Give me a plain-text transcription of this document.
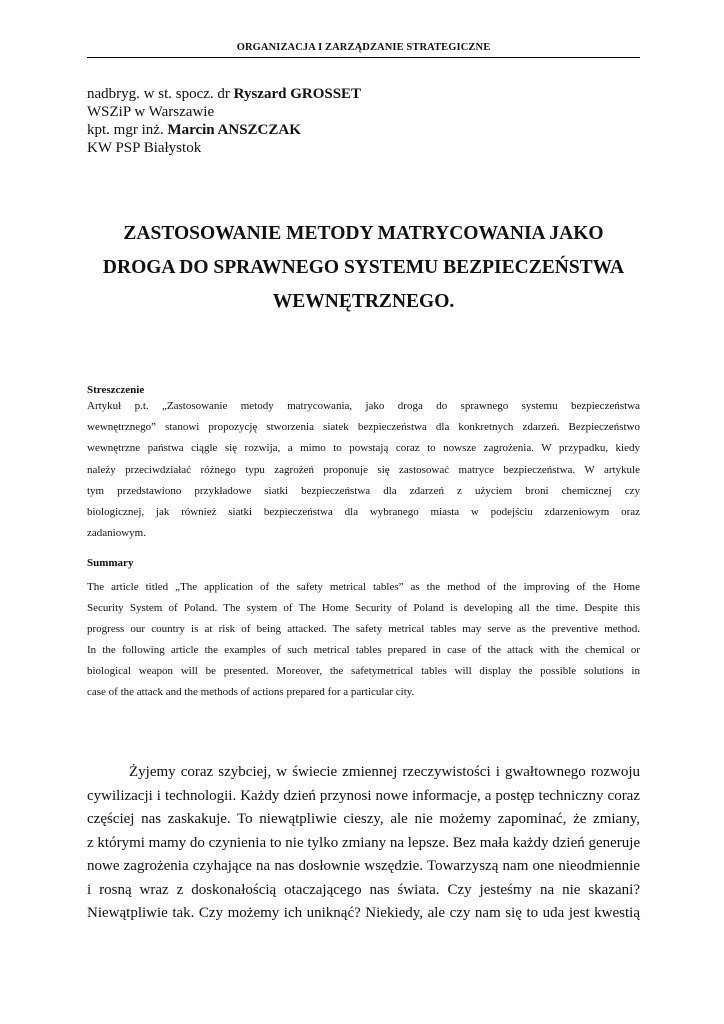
ORGANIZACJA I ZARZĄDZANIE STRATEGICZNE
nadbryg. w st. spocz. dr Ryszard GROSSET
WSZiP w Warszawie
kpt. mgr inż. Marcin ANSZCZAK
KW PSP Białystok
ZASTOSOWANIE METODY MATRYCOWANIA JAKO
DROGA DO SPRAWNEGO SYSTEMU BEZPIECZEŃSTWA
WEWNĘTRZNEGO.
Streszczenie
Artykuł p.t. „Zastosowanie metody matrycowania, jako droga do sprawnego systemu bezpieczeństwa
wewnętrznego” stanowi propozycję stworzenia siatek bezpieczeństwa dla konkretnych zdarzeń. Bezpieczeństwo
wewnętrzne państwa ciągle się rozwija, a mimo to powstają coraz to nowsze zagrożenia. W przypadku, kiedy
należy przeciwdziałać różnego typu zagrożeń proponuje się zastosować matryce bezpieczeństwa. W artykule
tym przedstawiono przykładowe siatki bezpieczeństwa dla zdarzeń z użyciem broni chemicznej czy
biologicznej, jak również siatki bezpieczeństwa dla wybranego miasta w podejściu zdarzeniowym oraz
zadaniowym.
Summary
The article titled „The application of the safety metrical tables” as the method of the improving of the Home
Security System of Poland. The system of The Home Security of Poland is developing all the time. Despite this
progress our country is at risk of being attacked. The safety metrical tables may serve as the preventive method.
In the following article the examples of such metrical tables prepared in case of the attack with the chemical or
biological weapon will be presented. Moreover, the safetymetrical tables will display the possible solutions in
case of the attack and the methods of actions prepared for a particular city.
Żyjemy coraz szybciej, w świecie zmiennej rzeczywistości i gwałtownego rozwoju
cywilizacji i technologii. Każdy dzień przynosi nowe informacje, a postęp techniczny coraz
częściej nas zaskakuje. To niewątpliwie cieszy, ale nie możemy zapominać, że zmiany,
z którymi mamy do czynienia to nie tylko zmiany na lepsze. Bez mała każdy dzień generuje
nowe zagrożenia czyhające na nas dosłownie wszędzie. Towarzyszą nam one nieodmiennie
i rosną wraz z doskonałością otaczającego nas świata. Czy jesteśmy na nie skazani?
Niewątpliwie tak. Czy możemy ich uniknąć? Niekiedy, ale czy nam się to uda jest kwestią
